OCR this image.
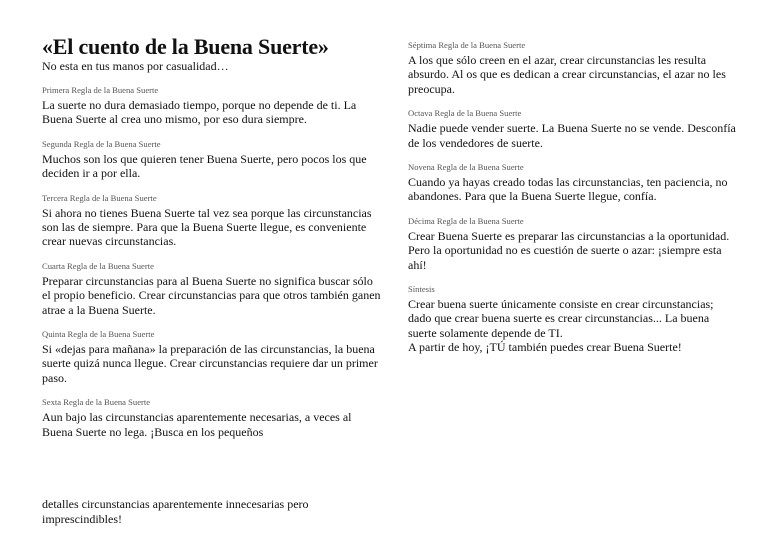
«El cuento de la Buena Suerte»
No esta en tus manos por casualidad…
Primera Regla de la Buena Suerte
La suerte no dura demasiado tiempo, porque no depende de ti. La Buena Suerte al crea uno mismo, por eso dura siempre.
Segunda Regla de la Buena Suerte
Muchos son los que quieren tener Buena Suerte, pero pocos los que deciden ir a por ella.
Tercera Regla de la Buena Suerte
Si ahora no tienes Buena Suerte tal vez sea porque las circunstancias son las de siempre. Para que la Buena Suerte llegue, es conveniente crear nuevas circunstancias.
Cuarta Regla de la Buena Suerte
Preparar circunstancias para al Buena Suerte no significa buscar sólo el propio beneficio. Crear circunstancias para que otros también ganen atrae a la Buena Suerte.
Quinta Regla de la Buena Suerte
Si «dejas para mañana» la preparación de las circunstancias, la buena suerte quizá nunca llegue. Crear circunstancias requiere dar un primer paso.
Sexta Regla de la Buena Suerte
Aun bajo las circunstancias aparentemente necesarias, a veces al Buena Suerte no lega. ¡Busca en los pequeños
detalles circunstancias aparentemente innecesarias pero imprescindibles!
Séptima Regla de la Buena Suerte
A los que sólo creen en el azar, crear circunstancias les resulta absurdo. Al os que es dedican a crear circunstancias, el azar no les preocupa.
Octava Regla de la Buena Suerte
Nadie puede vender suerte. La Buena Suerte no se vende. Desconfía de los vendedores de suerte.
Novena Regla de la Buena Suerte
Cuando ya hayas creado todas las circunstancias, ten paciencia, no abandones. Para que la Buena Suerte llegue, confía.
Décima Regla de la Buena Suerte
Crear Buena Suerte es preparar las circunstancias a la oportunidad. Pero la oportunidad no es cuestión de suerte o azar: ¡siempre esta ahí!
Síntesis
Crear buena suerte únicamente consiste en crear circunstancias; dado que crear buena suerte es crear circunstancias... La buena suerte solamente depende de TI.
A partir de hoy, ¡TÚ también puedes crear Buena Suerte!
